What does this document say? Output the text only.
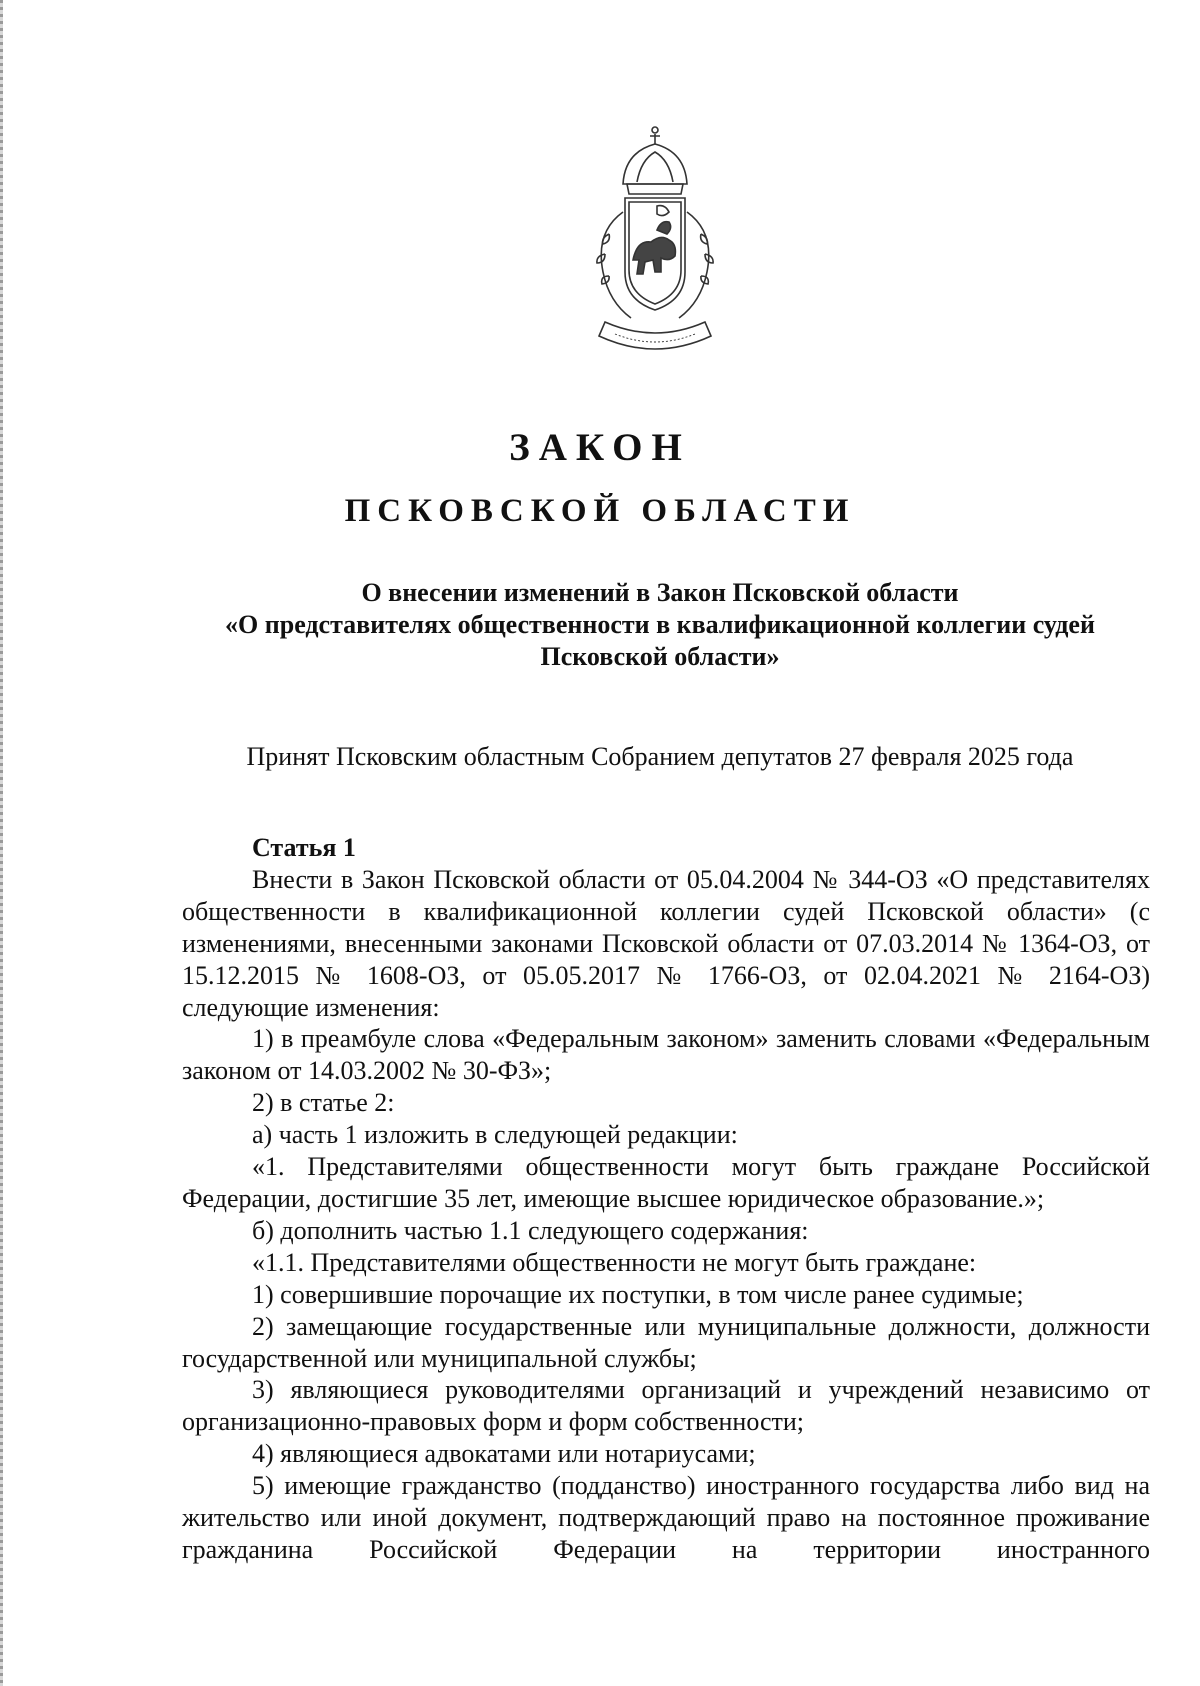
ЗАКОН
ПСКОВСКОЙ ОБЛАСТИ
О внесении изменений в Закон Псковской области
«О представителях общественности в квалификационной коллегии судей
Псковской области»
Принят Псковским областным Собранием депутатов 27 февраля 2025 года

Статья 1

Внести в Закон Псковской области от 05.04.2004 № 344-ОЗ «О представителях общественности в квалификационной коллегии судей Псковской области» (с изменениями, внесенными законами Псковской области от 07.03.2014 № 1364-ОЗ, от 15.12.2015 № 1608-ОЗ, от 05.05.2017 № 1766-ОЗ, от 02.04.2021 № 2164-ОЗ) следующие изменения:

1) в преамбуле слова «Федеральным законом» заменить словами «Федеральным законом от 14.03.2002 № 30-ФЗ»;

2) в статье 2:

а) часть 1 изложить в следующей редакции:

«1. Представителями общественности могут быть граждане Российской Федерации, достигшие 35 лет, имеющие высшее юридическое образование.»;

б) дополнить частью 1.1 следующего содержания:

«1.1. Представителями общественности не могут быть граждане:

1) совершившие порочащие их поступки, в том числе ранее судимые;

2) замещающие государственные или муниципальные должности, должности государственной или муниципальной службы;

3) являющиеся руководителями организаций и учреждений независимо от организационно-правовых форм и форм собственности;

4) являющиеся адвокатами или нотариусами;

5) имеющие гражданство (подданство) иностранного государства либо вид на жительство или иной документ, подтверждающий право на постоянное проживание гражданина Российской Федерации на территории иностранного
